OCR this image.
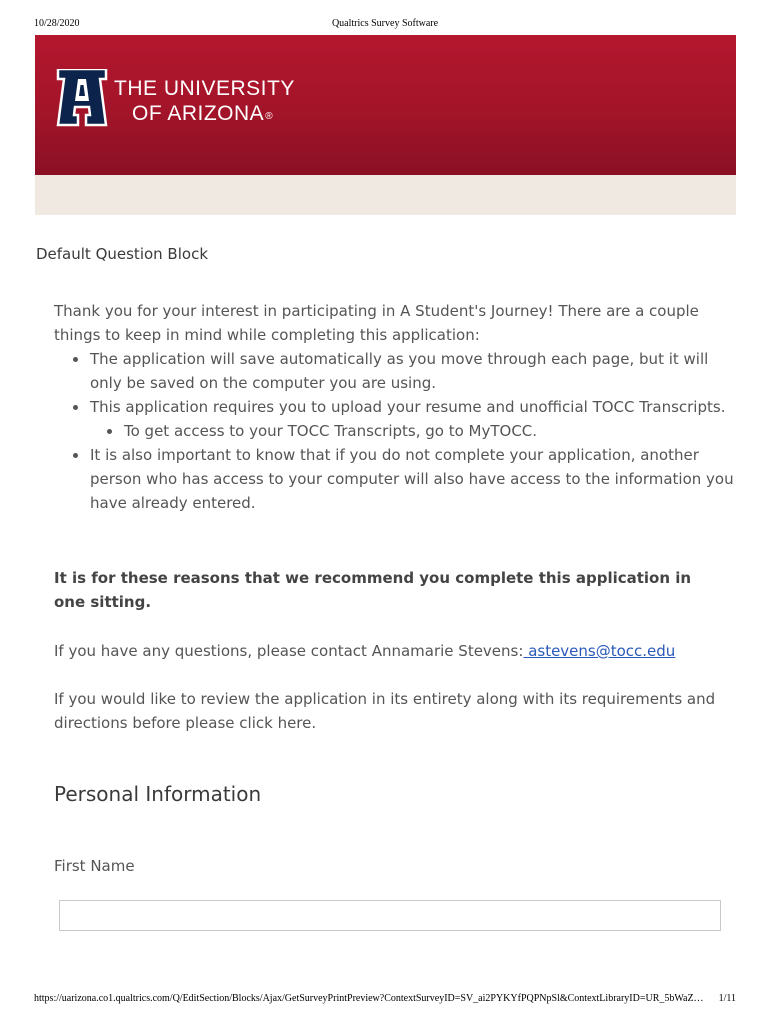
10/28/2020	Qualtrics Survey Software
THE UNIVERSITY
OF ARIZONA®
Default Question Block

Thank you for your interest in participating in A Student's Journey! There are a couple things to keep in mind while completing this application:

The application will save automatically as you move through each page, but it will only be saved on the computer you are using.
This application requires you to upload your resume and unofficial TOCC Transcripts.
To get access to your TOCC Transcripts, go to MyTOCC.
It is also important to know that if you do not complete your application, another person who has access to your computer will also have access to the information you have already entered.
It is for these reasons that we recommend you complete this application in one sitting.
If you have any questions, please contact Annamarie Stevens: astevens@tocc.edu
If you would like to review the application in its entirety along with its requirements and directions before please click here.
Personal Information
First Name
https://uarizona.co1.qualtrics.com/Q/EditSection/Blocks/Ajax/GetSurveyPrintPreview?ContextSurveyID=SV_ai2PYKYfPQPNpSl&ContextLibraryID=UR_5bWaZ… 1/11
